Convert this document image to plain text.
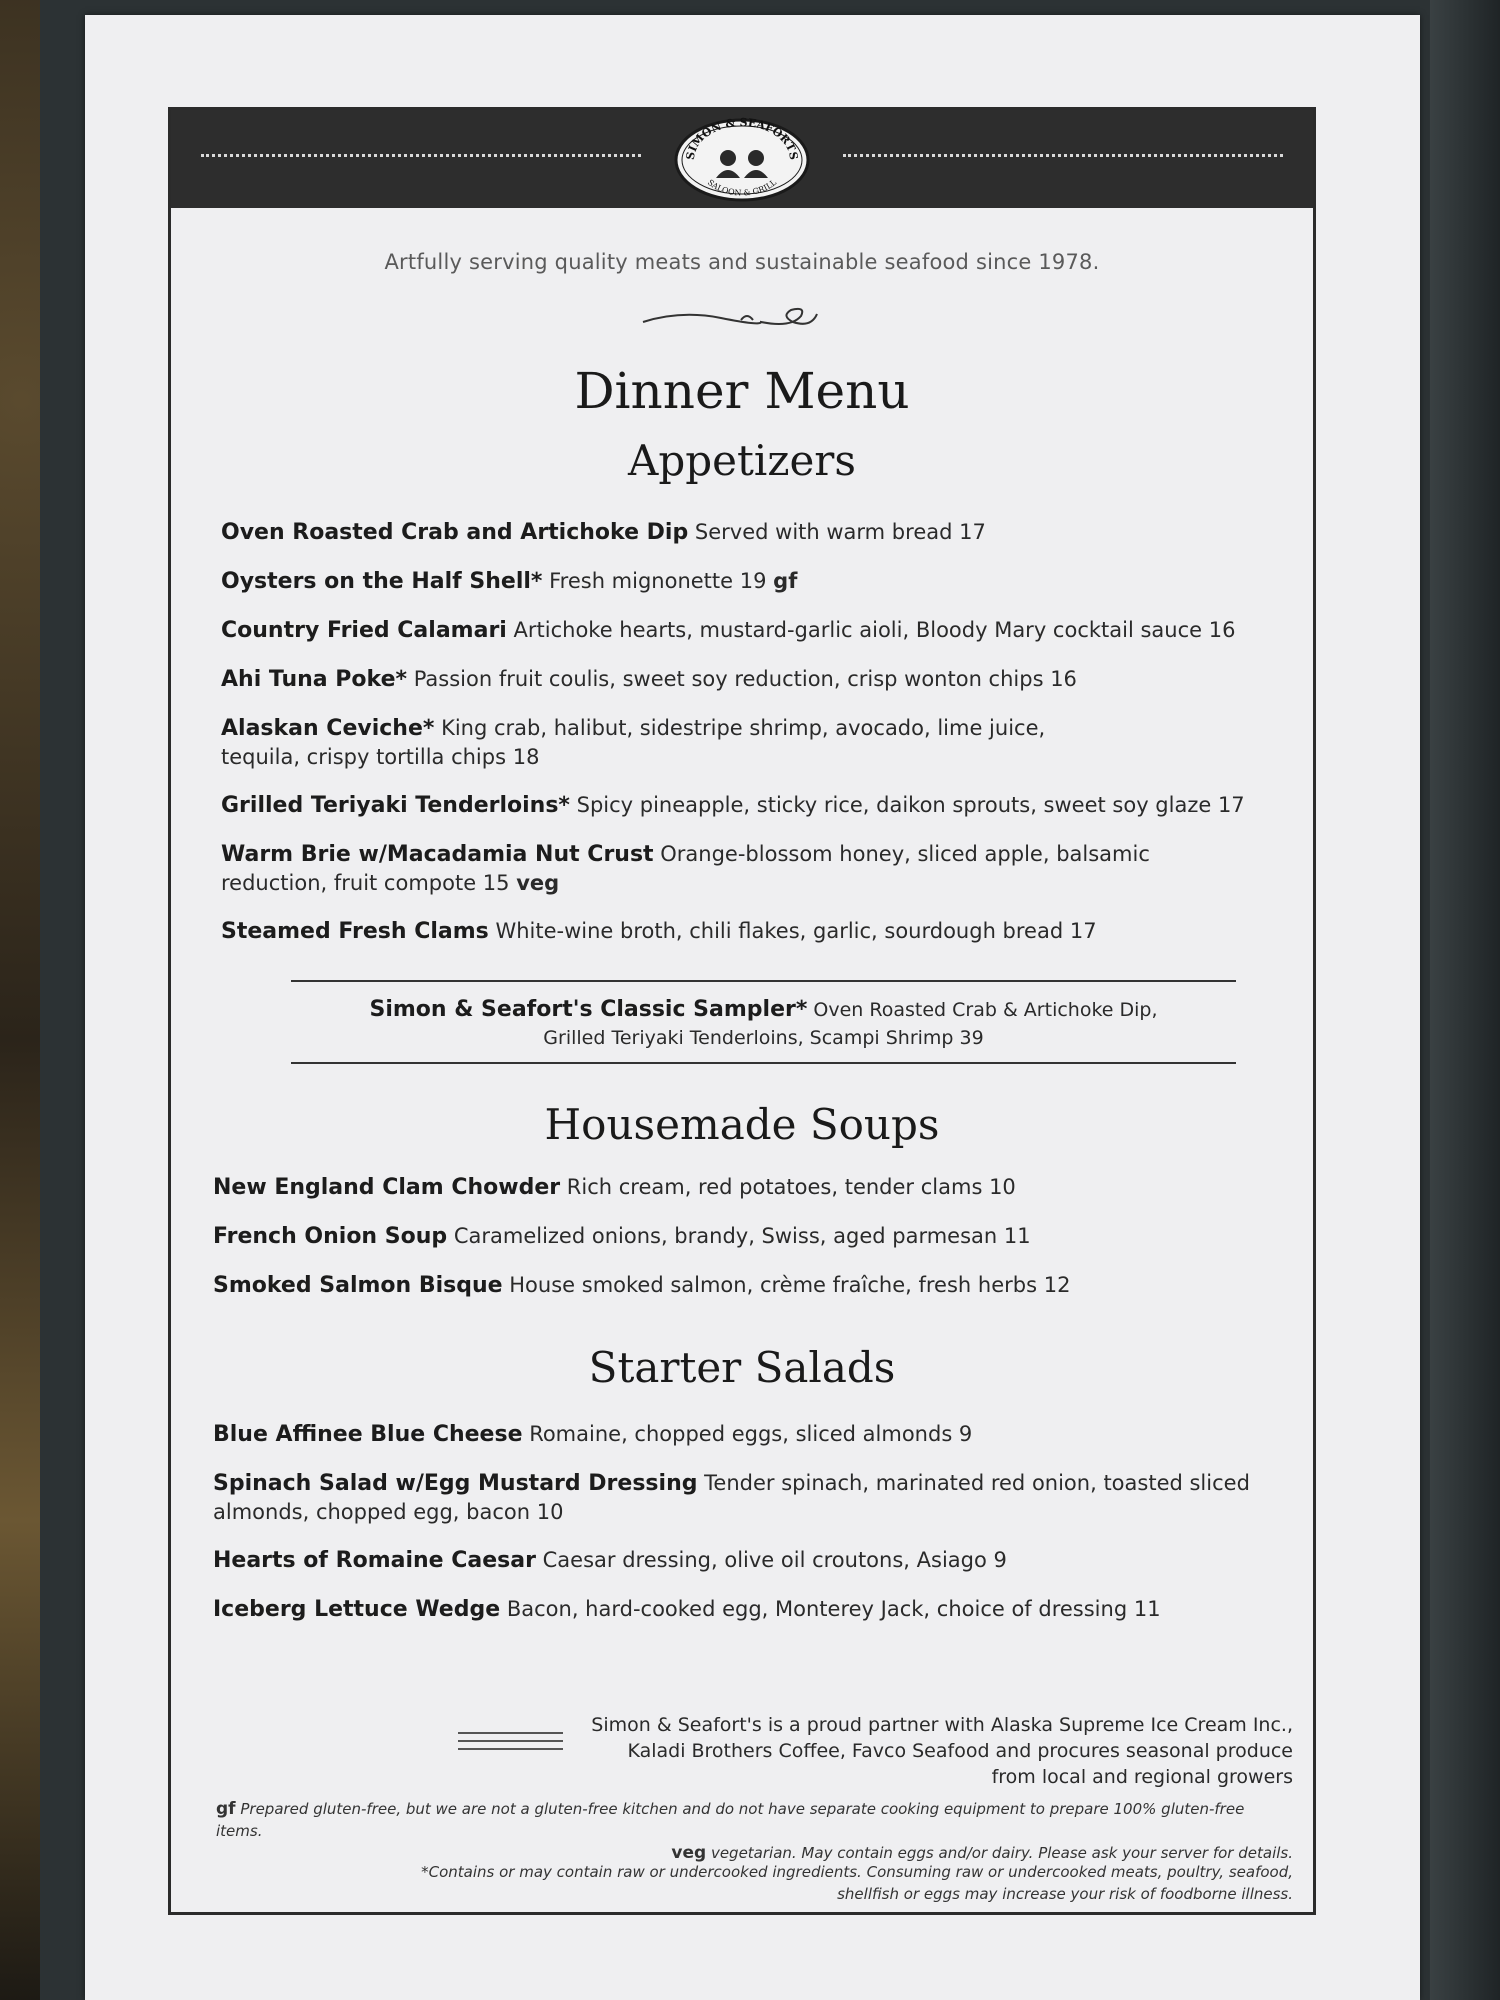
SIMON & SEAFORTS
SALOON & GRILL
Artfully serving quality meats and sustainable seafood since 1978.
Dinner Menu
Appetizers
Oven Roasted Crab and Artichoke Dip Served with warm bread 17
Oysters on the Half Shell* Fresh mignonette 19 gf
Country Fried Calamari Artichoke hearts, mustard-garlic aioli, Bloody Mary cocktail sauce 16
Ahi Tuna Poke* Passion fruit coulis, sweet soy reduction, crisp wonton chips 16
Alaskan Ceviche* King crab, halibut, sidestripe shrimp, avocado, lime juice, tequila, crispy tortilla chips 18
Grilled Teriyaki Tenderloins* Spicy pineapple, sticky rice, daikon sprouts, sweet soy glaze 17
Warm Brie w/Macadamia Nut Crust Orange-blossom honey, sliced apple, balsamic reduction, fruit compote 15 veg
Steamed Fresh Clams White-wine broth, chili flakes, garlic, sourdough bread 17
Simon & Seafort's Classic Sampler* Oven Roasted Crab & Artichoke Dip,
Grilled Teriyaki Tenderloins, Scampi Shrimp 39
Housemade Soups
New England Clam Chowder Rich cream, red potatoes, tender clams 10
French Onion Soup Caramelized onions, brandy, Swiss, aged parmesan 11
Smoked Salmon Bisque House smoked salmon, crème fraîche, fresh herbs 12
Starter Salads
Blue Affinee Blue Cheese Romaine, chopped eggs, sliced almonds 9
Spinach Salad w/Egg Mustard Dressing Tender spinach, marinated red onion, toasted sliced almonds, chopped egg, bacon 10
Hearts of Romaine Caesar Caesar dressing, olive oil croutons, Asiago 9
Iceberg Lettuce Wedge Bacon, hard-cooked egg, Monterey Jack, choice of dressing 11
Simon & Seafort's is a proud partner with Alaska Supreme Ice Cream Inc.,
Kaladi Brothers Coffee, Favco Seafood and procures seasonal produce
from local and regional growers
gf Prepared gluten-free, but we are not a gluten-free kitchen and do not have separate cooking equipment to prepare 100% gluten-free items.
veg vegetarian. May contain eggs and/or dairy. Please ask your server for details.
*Contains or may contain raw or undercooked ingredients. Consuming raw or undercooked meats, poultry, seafood,
shellfish or eggs may increase your risk of foodborne illness.
